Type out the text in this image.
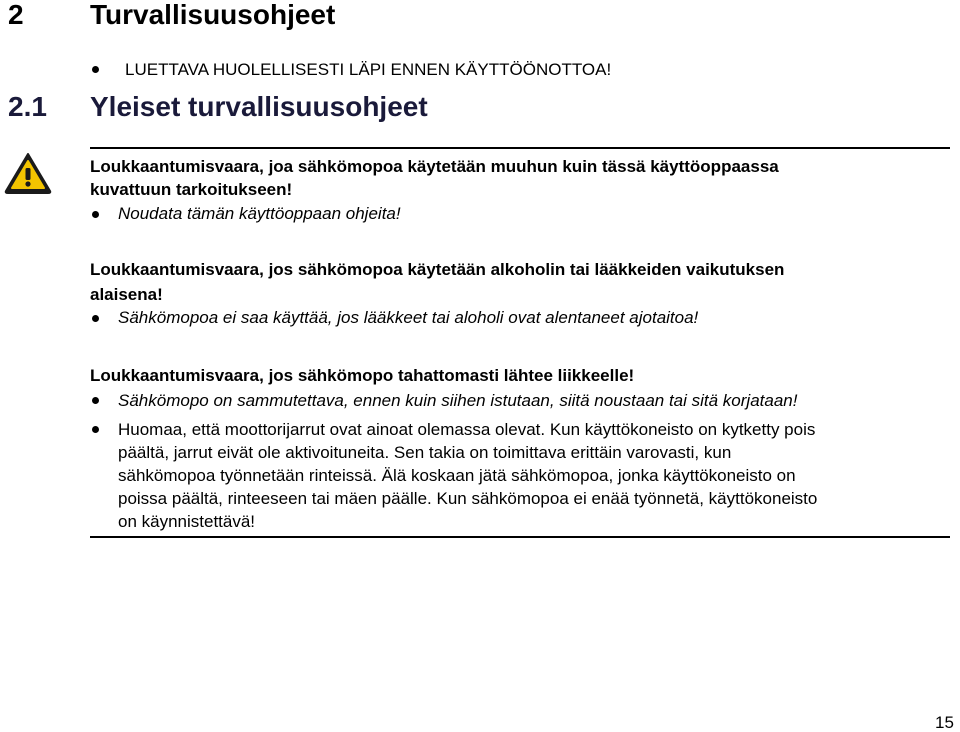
2 Turvallisuusohjeet
LUETTAVA HUOLELLISESTI LÄPI ENNEN KÄYTTÖÖNOTTOA!
2.1 Yleiset turvallisuusohjeet
Loukkaantumisvaara, joa sähkömopoa käytetään muuhun kuin tässä käyttöoppaassa
kuvattuun tarkoitukseen!
Noudata tämän käyttöoppaan ohjeita!
Loukkaantumisvaara, jos sähkömopoa käytetään alkoholin tai lääkkeiden vaikutuksen
alaisena!
Sähkömopoa ei saa käyttää, jos lääkkeet tai aloholi ovat alentaneet ajotaitoa!
Loukkaantumisvaara, jos sähkömopo tahattomasti lähtee liikkeelle!
Sähkömopo on sammutettava, ennen kuin siihen istutaan, siitä noustaan tai sitä korjataan!
Huomaa, että moottorijarrut ovat ainoat olemassa olevat. Kun käyttökoneisto on kytketty pois
päältä, jarrut eivät ole aktivoituneita. Sen takia on toimittava erittäin varovasti, kun
sähkömopoa työnnetään rinteissä. Älä koskaan jätä sähkömopoa, jonka käyttökoneisto on
poissa päältä, rinteeseen tai mäen päälle. Kun sähkömopoa ei enää työnnetä, käyttökoneisto
on käynnistettävä!
15
